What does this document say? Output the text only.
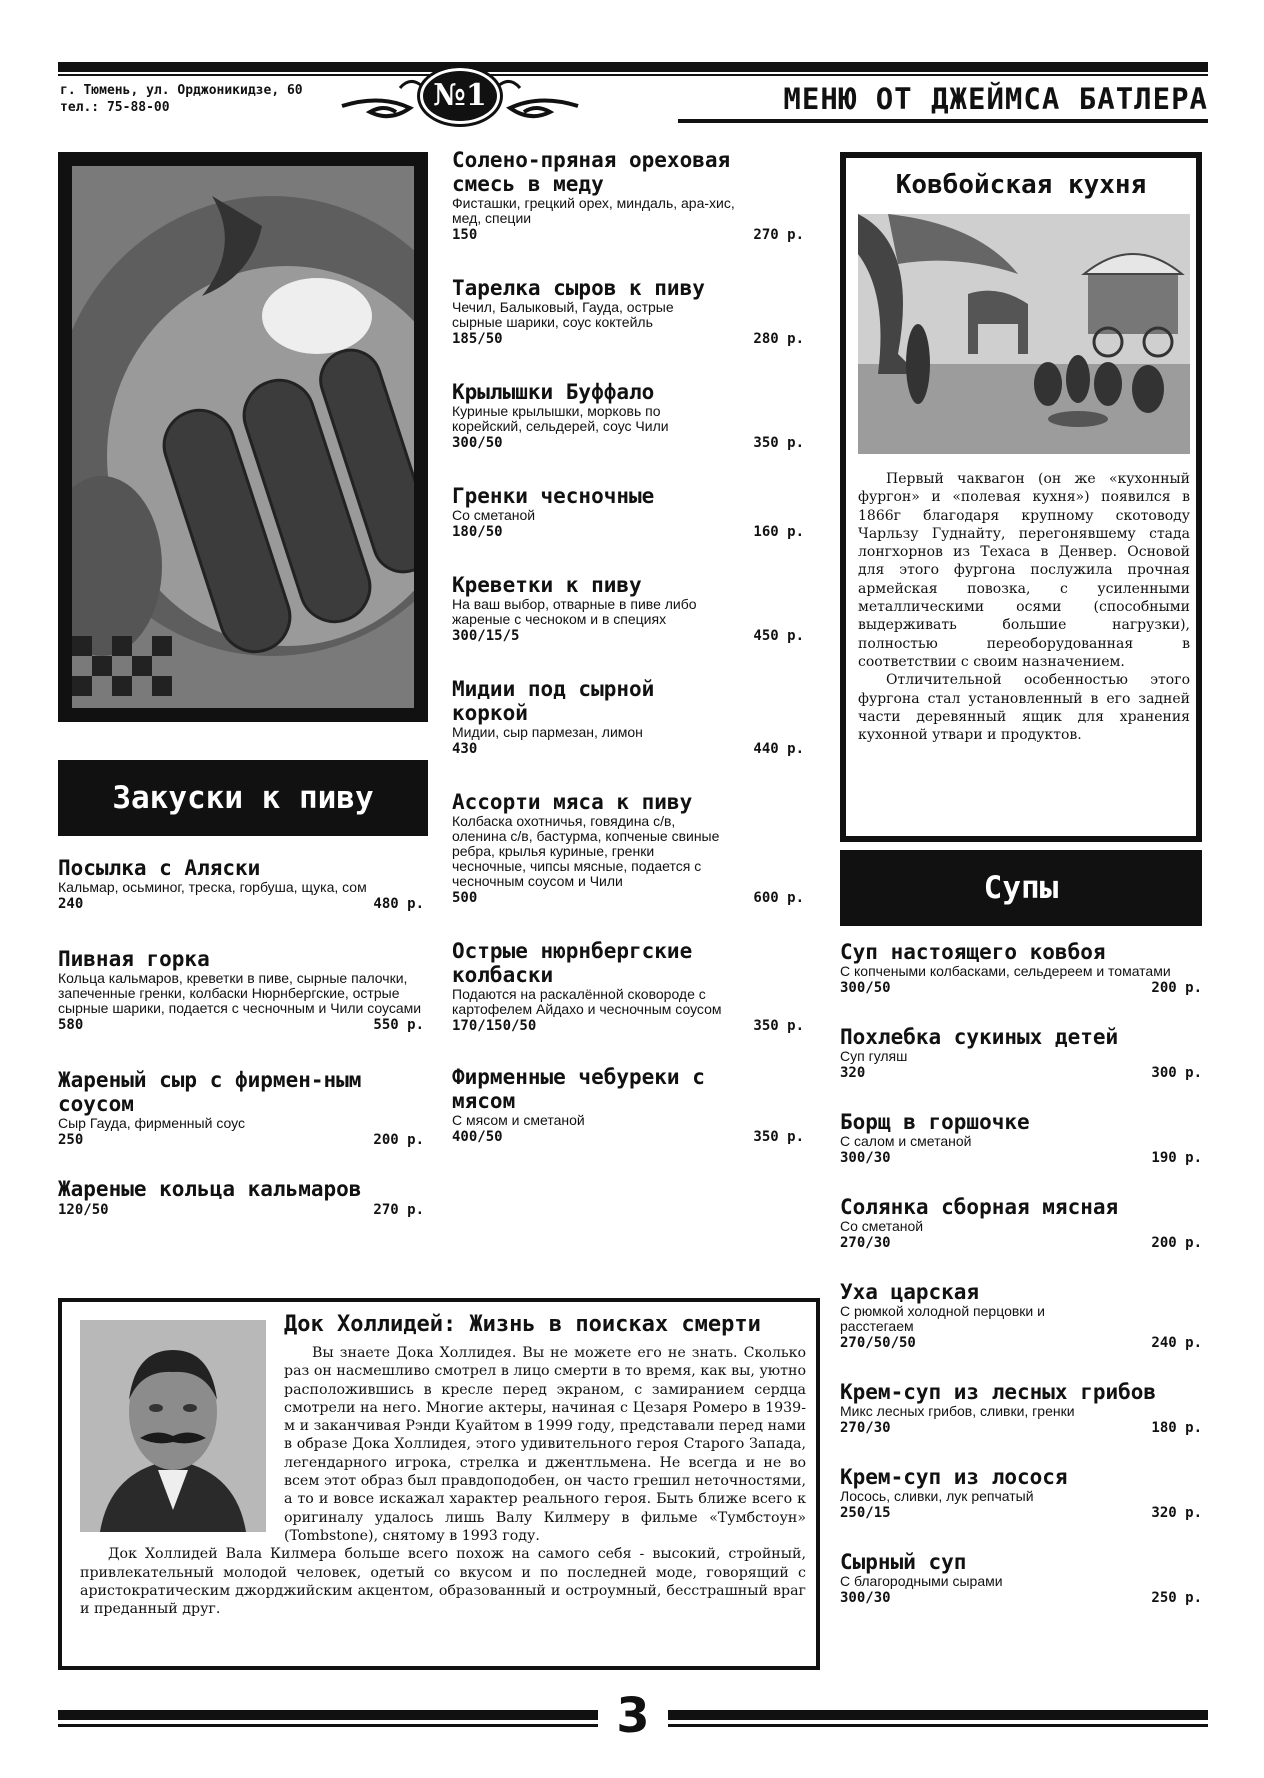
г. Тюмень, ул. Орджоникидзе, 60
тел.: 75-88-00	№1	МЕНЮ ОТ ДЖЕЙМСА БАТЛЕРА
Закуски к пиву
Посылка с Аляски
Кальмар, осьминог, треска, горбуша, щука, сом
240	480 р.
Пивная горка
Кольца кальмаров, креветки в пиве, сырные палочки, запеченные гренки, колбаски Нюрнбергские, острые сырные шарики, подается с чесночным и Чили соусами
580	550 р.
Жареный сыр с фирмен-ным соусом
Сыр Гауда, фирменный соус
250	200 р.
Жареные кольца кальмаров
120/50	270 р.
Солено-пряная ореховая смесь в меду
Фисташки, грецкий орех, миндаль, ара-хис, мед, специи
150	270 р.
Тарелка сыров к пиву
Чечил, Балыковый, Гауда, острые сырные шарики, соус коктейль
185/50	280 р.
Крылышки Буффало
Куриные крылышки, морковь по корейский, сельдерей, соус Чили
300/50	350 р.
Гренки чесночные
Со сметаной
180/50	160 р.
Креветки к пиву
На ваш выбор, отварные в пиве либо жареные с чесноком и в специях
300/15/5	450 р.
Мидии под сырной коркой
Мидии, сыр пармезан, лимон
430	440 р.
Ассорти мяса к пиву
Колбаска охотничья, говядина с/в, оленина с/в, бастурма, копченые свиные ребра, крылья куриные, гренки чесночные, чипсы мясные, подается с чесночным соусом и Чили
500	600 р.
Острые нюрнбергские колбаски
Подаются на раскалённой сковороде с картофелем Айдахо и чесночным соусом
170/150/50	350 р.
Фирменные чебуреки с мясом
С мясом и сметаной
400/50	350 р.
Ковбойская кухня

Первый чаквагон (он же «кухонный фургон» и «полевая кухня») появился в 1866г благодаря крупному скотоводу Чарльзу Гуднайту, перегонявшему стада лонгхорнов из Техаса в Денвер. Основой для этого фургона послужила прочная армейская повозка, с усиленными металлическими осями (способными выдерживать большие нагрузки), полностью переоборудованная в соответствии с своим назначением.

Отличительной особенностью этого фургона стал установленный в его задней части деревянный ящик для хранения кухонной утвари и продуктов.

Супы
Суп настоящего ковбоя
С копчеными колбасками, сельдереем и томатами
300/50	200 р.
Похлебка сукиных детей
Суп гуляш
320	300 р.
Борщ в горшочке
С салом и сметаной
300/30	190 р.
Солянка сборная мясная
Со сметаной
270/30	200 р.
Уха царская
С рюмкой холодной перцовки и расстегаем
270/50/50	240 р.
Крем-суп из лесных грибов
Микс лесных грибов, сливки, гренки
270/30	180 р.
Крем-суп из лосося
Лосось, сливки, лук репчатый
250/15	320 р.
Сырный суп
С благородными сырами
300/30	250 р.
Док Холлидей: Жизнь в поисках смерти

Вы знаете Дока Холлидея. Вы не можете его не знать. Сколько раз он насмешливо смотрел в лицо смерти в то время, как вы, уютно расположившись в кресле перед экраном, с замиранием сердца смотрели на него. Многие актеры, начиная с Цезаря Ромеро в 1939-м и заканчивая Рэнди Куайтом в 1999 году, представали перед нами в образе Дока Холлидея, этого удивительного героя Старого Запада, легендарного игрока, стрелка и джентльмена. Не всегда и не во всем этот образ был правдоподобен, он часто грешил неточностями, а то и вовсе искажал характер реального героя. Быть ближе всего к оригиналу удалось лишь Валу Килмеру в фильме «Тумбстоун» (Tombstone), снятому в 1993 году.

Док Холлидей Вала Килмера больше всего похож на самого себя - высокий, стройный, привлекательный молодой человек, одетый со вкусом и по последней моде, говорящий с аристократическим джорджийским акцентом, образованный и остроумный, бесстрашный враг и преданный друг.

3
